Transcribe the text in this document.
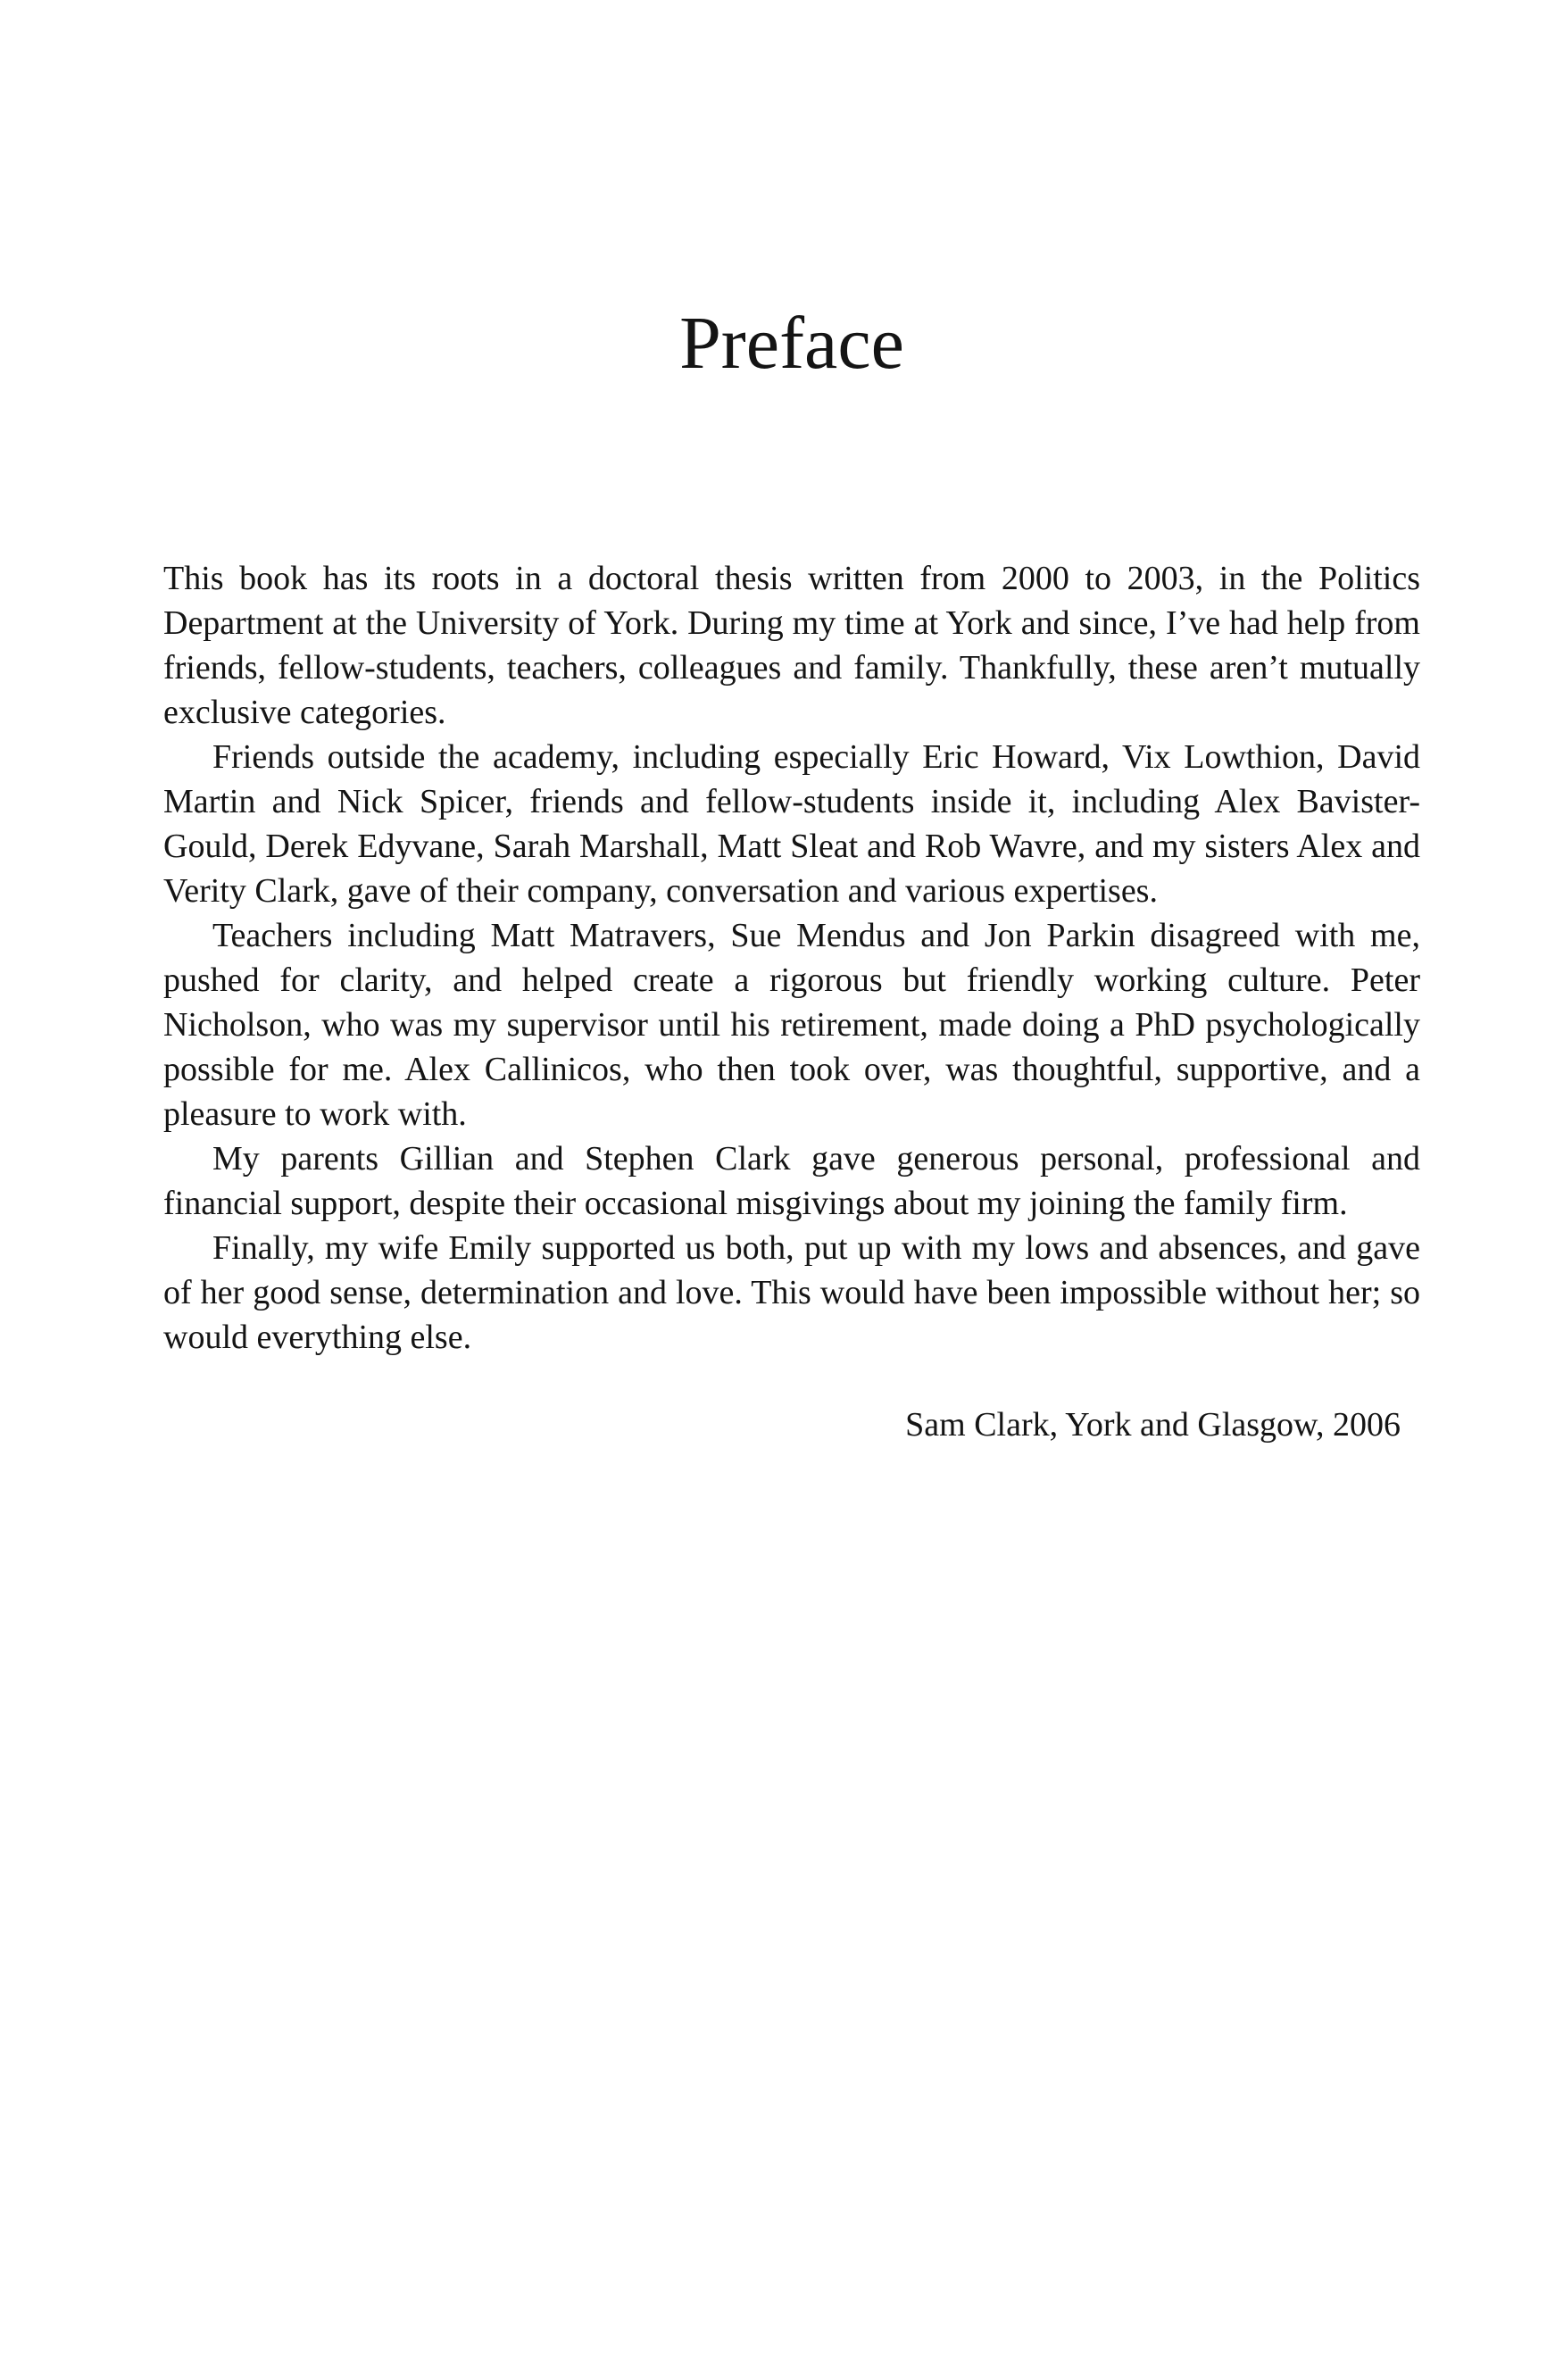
Preface

This book has its roots in a doctoral thesis written from 2000 to 2003, in the Politics Department at the University of York. During my time at York and since, I’ve had help from friends, fellow-students, teachers, colleagues and family. Thankfully, these aren’t mutually exclusive categories.

Friends outside the academy, including especially Eric Howard, Vix Lowthion, David Martin and Nick Spicer, friends and fellow-students inside it, including Alex Bavister-Gould, Derek Edyvane, Sarah Marshall, Matt Sleat and Rob Wavre, and my sisters Alex and Verity Clark, gave of their company, conversation and various expertises.

Teachers including Matt Matravers, Sue Mendus and Jon Parkin disagreed with me, pushed for clarity, and helped create a rigorous but friendly working culture. Peter Nicholson, who was my supervisor until his retirement, made doing a PhD psychologically possible for me. Alex Callinicos, who then took over, was thoughtful, supportive, and a pleasure to work with.

My parents Gillian and Stephen Clark gave generous personal, professional and financial support, despite their occasional misgivings about my joining the family firm.

Finally, my wife Emily supported us both, put up with my lows and absences, and gave of her good sense, determination and love. This would have been impossible without her; so would everything else.

Sam Clark, York and Glasgow, 2006
